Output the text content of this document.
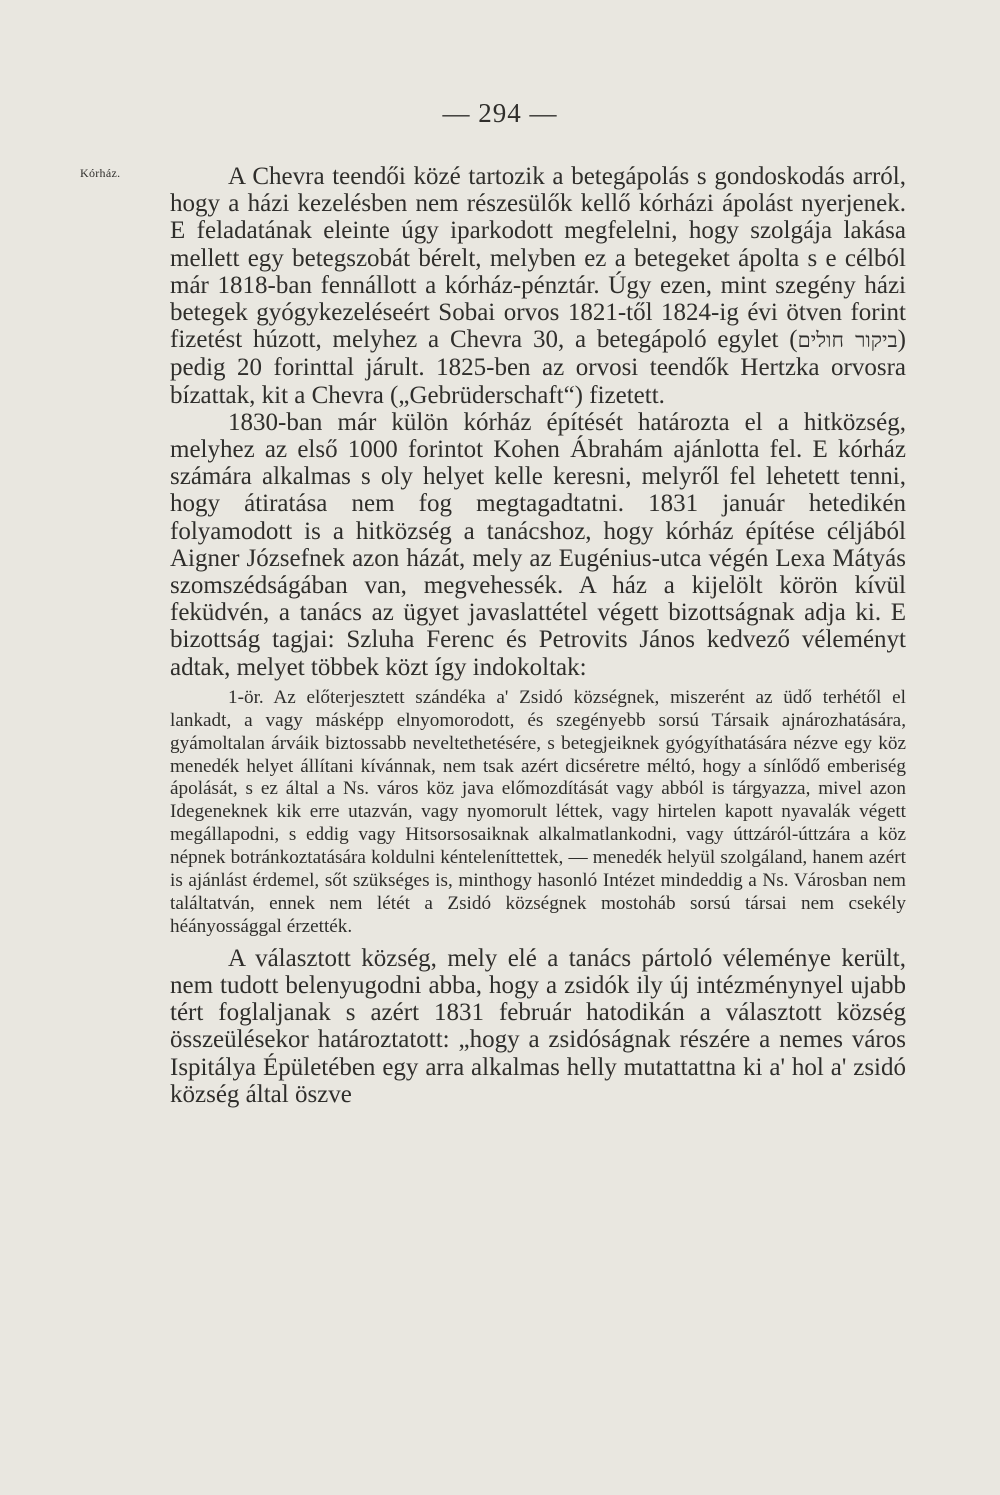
— 294 —
Kórház.	A Chevra teendői közé tartozik a betegápolás s gondoskodás arról, hogy a házi kezelésben nem részesülők kellő kórházi ápolást nyerjenek. E feladatának eleinte úgy iparkodott megfelelni, hogy szolgája lakása mellett egy betegszobát bérelt, melyben ez a betegeket ápolta s e célból már 1818-ban fennállott a kórház-pénztár. Úgy ezen, mint szegény házi betegek gyógykezeléseért Sobai orvos 1821-től 1824-ig évi ötven forint fizetést húzott, melyhez a Chevra 30, a betegápoló egylet (ביקור חולים) pedig 20 forinttal járult. 1825-ben az orvosi teendők Hertzka orvosra bízattak, kit a Chevra („Gebrüderschaft“) fizetett.

1830-ban már külön kórház építését határozta el a hitközség, melyhez az első 1000 forintot Kohen Ábrahám ajánlotta fel. E kórház számára alkalmas s oly helyet kelle keresni, melyről fel lehetett tenni, hogy átiratása nem fog megtagadtatni. 1831 január hetedikén folyamodott is a hitközség a tanácshoz, hogy kórház építése céljából Aigner Józsefnek azon házát, mely az Eugénius-utca végén Lexa Mátyás szomszédságában van, megvehessék. A ház a kijelölt körön kívül feküdvén, a tanács az ügyet javaslattétel végett bizottságnak adja ki. E bizottság tagjai: Szluha Ferenc és Petrovits János kedvező véleményt adtak, melyet többek közt így indokoltak:

1-ör. Az előterjesztett szándéka a' Zsidó községnek, miszerént az üdő terhétől el lankadt, a vagy másképp elnyomorodott, és szegényebb sorsú Társaik ajnározhatására, gyámoltalan árváik biztossabb neveltethetésére, s betegjeiknek gyógyíthatására nézve egy köz menedék helyet állítani kívánnak, nem tsak azért dicséretre méltó, hogy a sínlődő emberiség ápolását, s ez által a Ns. város köz java előmozdítását vagy abból is tárgyazza, mivel azon Idegeneknek kik erre utazván, vagy nyomorult léttek, vagy hirtelen kapott nyavalák végett megállapodni, s eddig vagy Hitsorsosaiknak alkalmatlankodni, vagy úttzáról-úttzára a köz népnek botránkoztatására koldulni kénteleníttettek, — menedék helyül szolgáland, hanem azért is ajánlást érdemel, sőt szükséges is, minthogy hasonló Intézet mindeddig a Ns. Városban nem találtatván, ennek nem létét a Zsidó községnek mostoháb sorsú társai nem csekély héányossággal érzették.

A választott község, mely elé a tanács pártoló véleménye került, nem tudott belenyugodni abba, hogy a zsidók ily új intézménynyel ujabb tért foglaljanak s azért 1831 február hatodikán a választott község összeülésekor határoztatott: „hogy a zsidóságnak részére a nemes város Ispitálya Épületében egy arra alkalmas helly mutattattna ki a' hol a' zsidó község által öszve
